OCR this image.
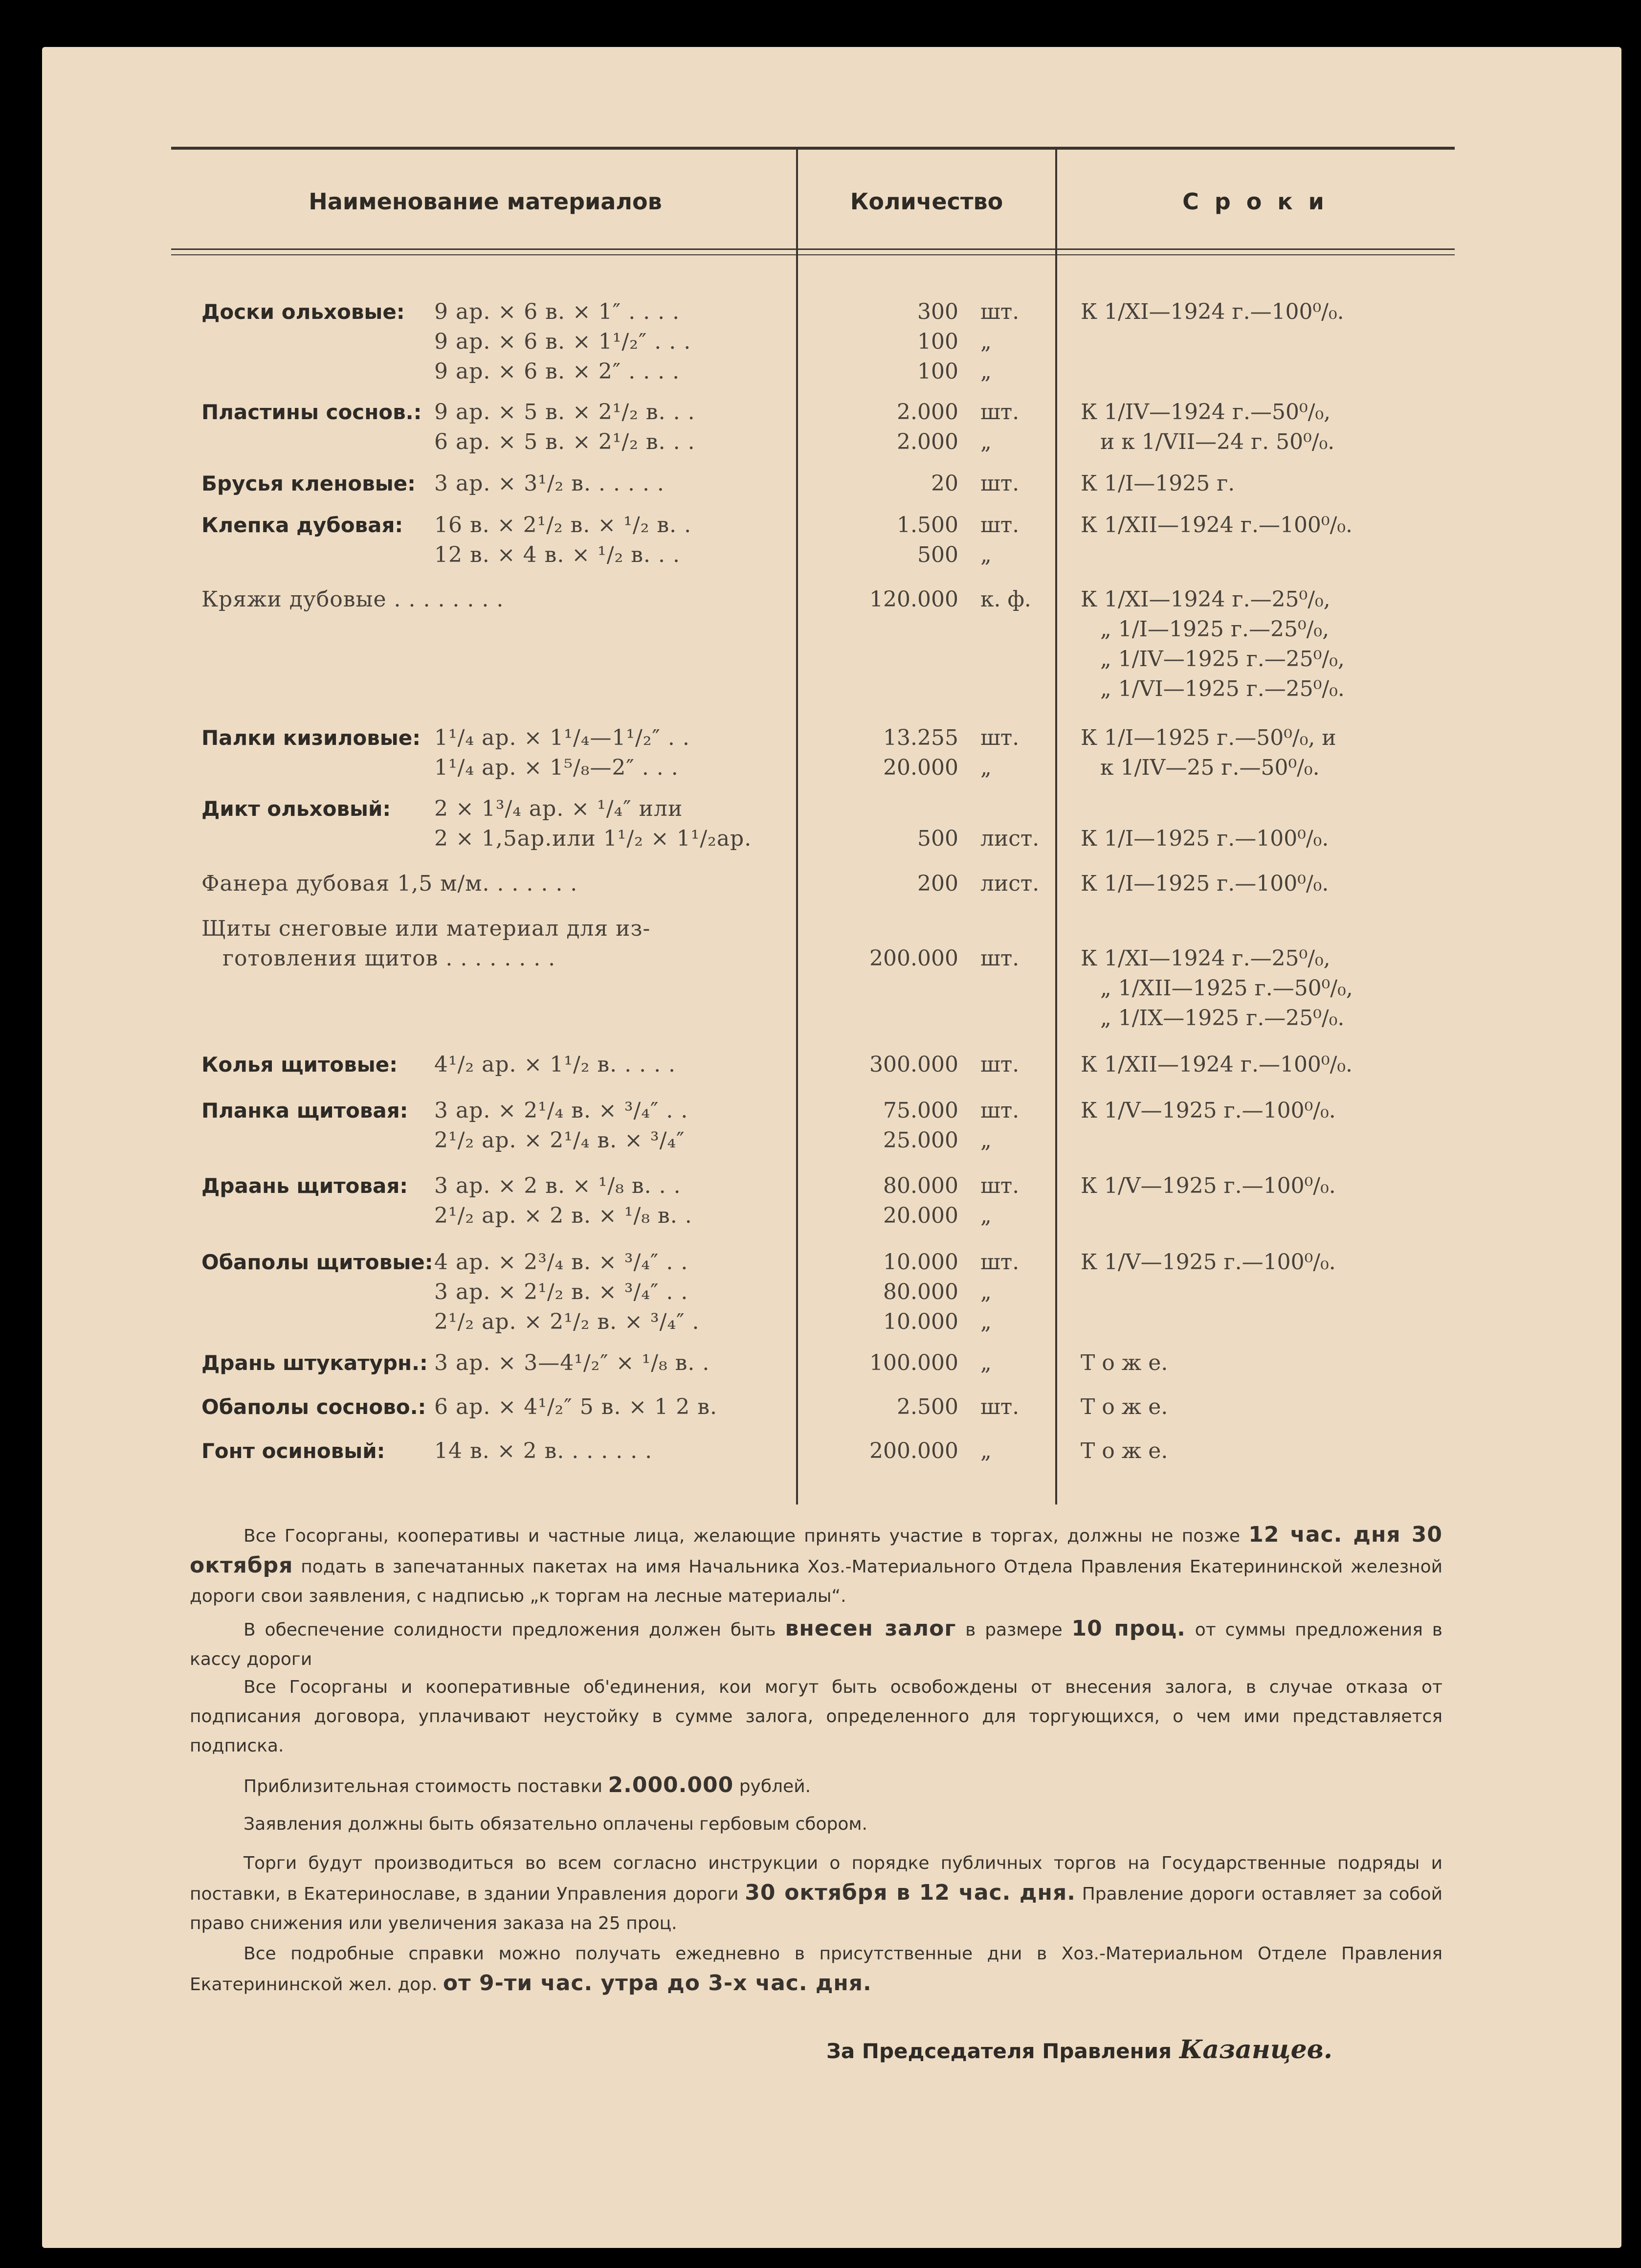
Наименование материалов	Количество	С р о к и
Доски ольховые: 9 ар. × 6 в. × 1″ . . . .	300 шт.	К 1/XI—1924 г.—100⁰/₀.
9 ар. × 6 в. × 1¹/₂″ . . .	100 „
9 ар. × 6 в. × 2″ . . . .	100 „
Пластины соснов.: 9 ар. × 5 в. × 2¹/₂ в. . .	2.000 шт.	К 1/IV—1924 г.—50⁰/₀,
6 ар. × 5 в. × 2¹/₂ в. . .	2.000 „	и к 1/VII—24 г. 50⁰/₀.
Брусья кленовые: 3 ар. × 3¹/₂ в. . . . . .	20 шт.	К 1/I—1925 г.
Клепка дубовая: 16 в. × 2¹/₂ в. × ¹/₂ в. .	1.500 шт.	К 1/XII—1924 г.—100⁰/₀.
12 в. × 4 в. × ¹/₂ в. . .	500 „
Кряжи дубовые . . . . . . . .	120.000 к. ф. К 1/XI—1924 г.—25⁰/₀,
„ 1/I—1925 г.—25⁰/₀,
„ 1/IV—1925 г.—25⁰/₀,
„ 1/VI—1925 г.—25⁰/₀.
Палки кизиловые: 1¹/₄ ар. × 1¹/₄—1¹/₂″ . .	13.255 шт.	К 1/I—1925 г.—50⁰/₀, и
1¹/₄ ар. × 1⁵/₈—2″ . . .	20.000 „	к 1/IV—25 г.—50⁰/₀.
Дикт ольховый: 2 × 1³/₄ ар. × ¹/₄″ или
2 × 1,5ар.или 1¹/₂ × 1¹/₂ар.	500 лист. К 1/I—1925 г.—100⁰/₀.
Фанера дубовая 1,5 м/м. . . . . . .	200 лист. К 1/I—1925 г.—100⁰/₀.
Щиты снеговые или материал для из-
готовления щитов . . . . . . . .	200.000 шт.	К 1/XI—1924 г.—25⁰/₀,
„ 1/XII—1925 г.—50⁰/₀,
„ 1/IX—1925 г.—25⁰/₀.
Колья щитовые: 4¹/₂ ар. × 1¹/₂ в. . . . .	300.000 шт.	К 1/XII—1924 г.—100⁰/₀.
Планка щитовая: 3 ар. × 2¹/₄ в. × ³/₄″ . .	75.000 шт.	К 1/V—1925 г.—100⁰/₀.
2¹/₂ ар. × 2¹/₄ в. × ³/₄″	25.000 „
Драань щитовая: 3 ар. × 2 в. × ¹/₈ в. . .	80.000 шт.	К 1/V—1925 г.—100⁰/₀.
2¹/₂ ар. × 2 в. × ¹/₈ в. .	20.000 „
Обаполы щитовые: 4 ар. × 2³/₄ в. × ³/₄″ . .	10.000 шт.	К 1/V—1925 г.—100⁰/₀.
3 ар. × 2¹/₂ в. × ³/₄″ . .	80.000 „
2¹/₂ ар. × 2¹/₂ в. × ³/₄″ .	10.000 „
Дрань штукатурн.: 3 ар. × 3—4¹/₂″ × ¹/₈ в. .	100.000 „	Т о ж е.
Обаполы сосново.: 6 ар. × 4¹/₂″ 5 в. × 1 2 в.	2.500 шт.	Т о ж е.
Гонт осиновый: 14 в. × 2 в. . . . . . .	200.000 „	Т о ж е.

Все Госорганы, кооперативы и частные лица, желающие принять участие в торгах, должны не позже 12 час. дня 30 октября подать в запечатанных пакетах на имя Начальника Хоз.-Материального Отдела Правления Екатерининской железной дороги свои заявления, с надписью „к торгам на лесные материалы“.

В обеспечение солидности предложения должен быть внесен залог в размере 10 проц. от суммы предложения в кассу дороги

Все Госорганы и кооперативные об'единения, кои могут быть освобождены от внесения залога, в случае отказа от подписания договора, уплачивают неустойку в сумме залога, определенного для торгующихся, о чем ими представляется подписка.

Приблизительная стоимость поставки 2.000.000 рублей.

Заявления должны быть обязательно оплачены гербовым сбором.

Торги будут производиться во всем согласно инструкции о порядке публичных торгов на Государственные подряды и поставки, в Екатеринославе, в здании Управления дороги 30 октября в 12 час. дня. Правление дороги оставляет за собой право снижения или увеличения заказа на 25 проц.

Все подробные справки можно получать ежедневно в присутственные дни в Хоз.-Материальном Отделе Правления Екатерининской жел. дор. от 9-ти час. утра до 3-х час. дня.

За Председателя Правления Казанцев.
